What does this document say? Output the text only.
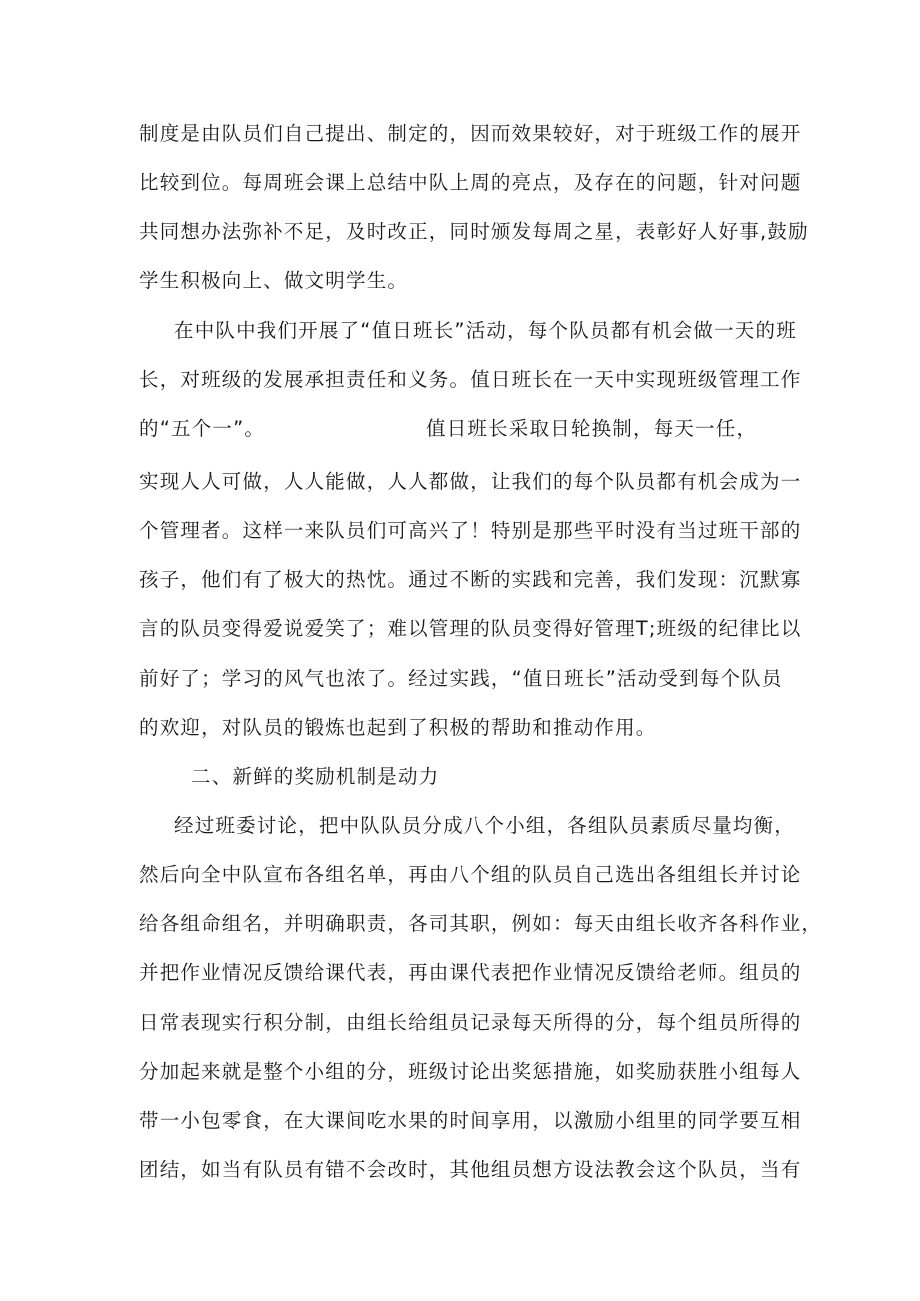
制度是由队员们自己提出、制定的，因而效果较好，对于班级工作的展开
比较到位。每周班会课上总结中队上周的亮点，及存在的问题，针对问题
共同想办法弥补不足，及时改正，同时颁发每周之星，表彰好人好事,鼓励
学生积极向上、做文明学生。
在中队中我们开展了“值日班长”活动，每个队员都有机会做一天的班
长，对班级的发展承担责任和义务。值日班长在一天中实现班级管理工作
的“五个一”。	值日班长采取日轮换制，每天一任，
实现人人可做，人人能做，人人都做，让我们的每个队员都有机会成为一
个管理者。这样一来队员们可高兴了！特别是那些平时没有当过班干部的
孩子，他们有了极大的热忱。通过不断的实践和完善，我们发现：沉默寡
言的队员变得爱说爱笑了；难以管理的队员变得好管理T;班级的纪律比以
前好了；学习的风气也浓了。经过实践，“值日班长”活动受到每个队员
的欢迎，对队员的锻炼也起到了积极的帮助和推动作用。
二、新鲜的奖励机制是动力
经过班委讨论，把中队队员分成八个小组，各组队员素质尽量均衡，
然后向全中队宣布各组名单，再由八个组的队员自己选出各组组长并讨论
给各组命组名，并明确职责，各司其职，例如：每天由组长收齐各科作业，
并把作业情况反馈给课代表，再由课代表把作业情况反馈给老师。组员的
日常表现实行积分制，由组长给组员记录每天所得的分，每个组员所得的
分加起来就是整个小组的分，班级讨论出奖惩措施，如奖励获胜小组每人
带一小包零食，在大课间吃水果的时间享用，以激励小组里的同学要互相
团结，如当有队员有错不会改时，其他组员想方设法教会这个队员，当有
